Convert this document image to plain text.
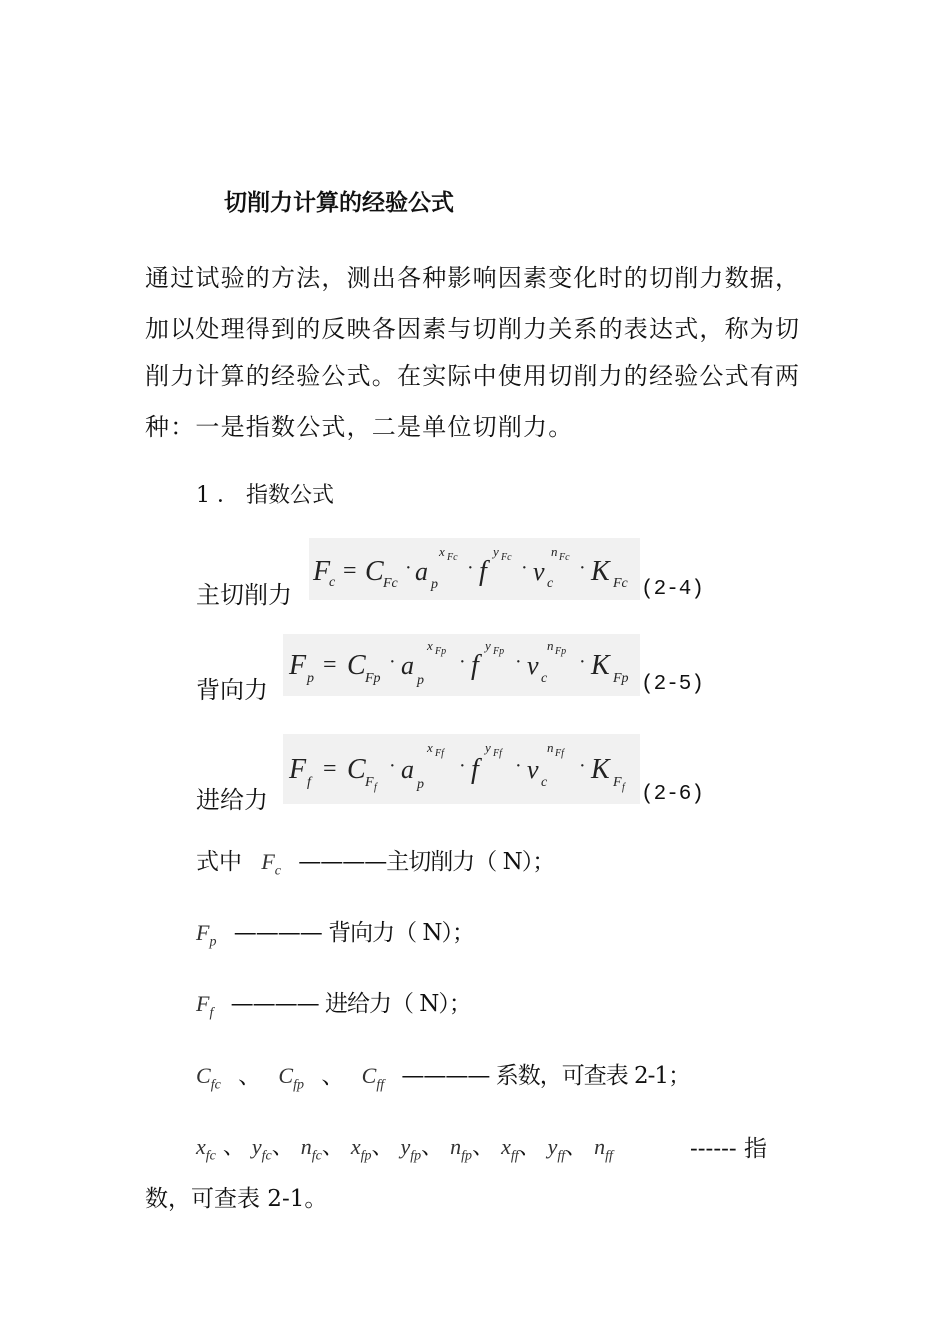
切削力计算的经验公式
通过试验的方法，测出各种影响因素变化时的切削力数据，
加以处理得到的反映各因素与切削力关系的表达式，称为切
削力计算的经验公式。在实际中使用切削力的经验公式有两
种：一是指数公式，二是单位切削力。
1 ． 指数公式
主切削力
F
c = C Fc
· a p
x Fc · f
y Fc · v c
n Fc · K Fc (2-4)
背向力
F p
= C Fp
· a
p
x Fp · f
y Fp · v c
n Fp · K Fp (2-5)
进给力
F f
= C F f
· a
p
x Ff
· f
y Ff
· v c
n Ff
· K F f (2-6)
式中 $F_c$ ————主切削力（ N）；
$F_p$ ———— 背向力（ N）；
$F_f$ ———— 进给力（ N）；
$C_{fc}$ 、 $C_{fp}$ 、 $C_{ff}$ ———— 系数，可查表 2-1；
$x_{fc}$ 、 $y_{fc}$、 $n_{fc}$、 $x_{fp}$、 $y_{fp}$、 $n_{fp}$、 $x_{ff}$、 $y_{ff}$、 $n_{ff}$	------ 指
数，可查表 2-1。
